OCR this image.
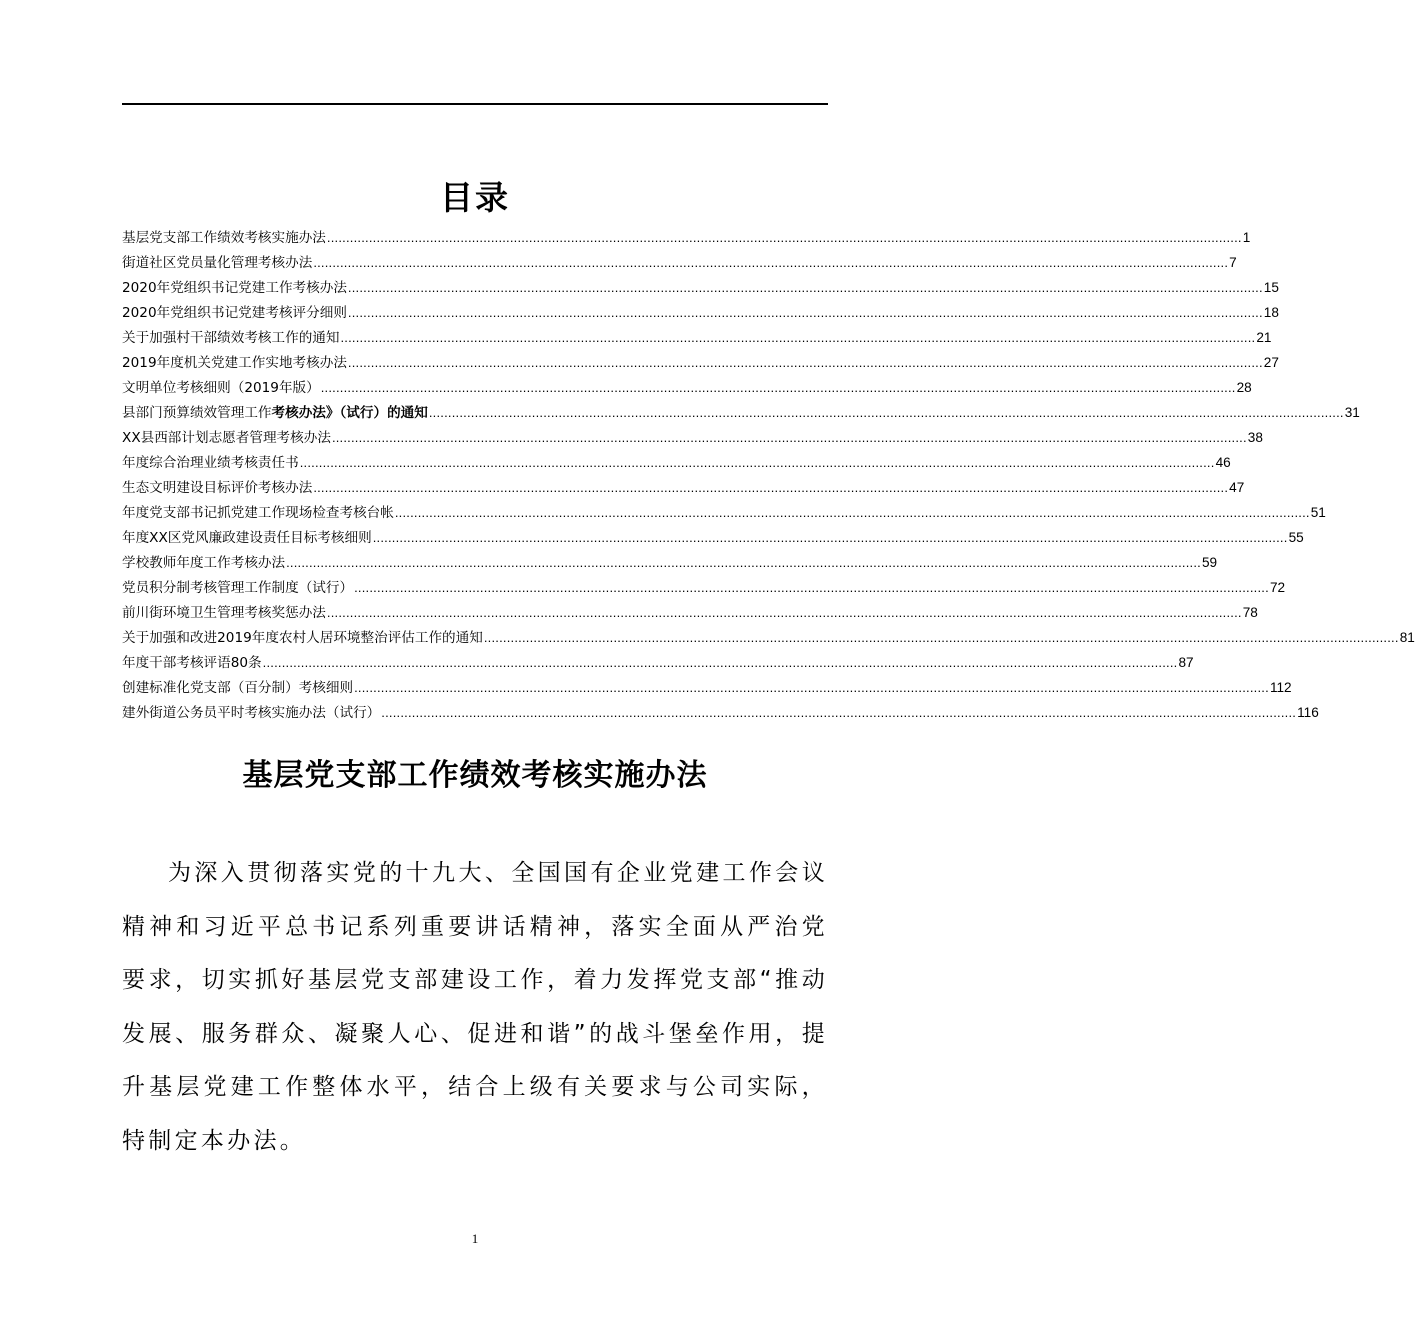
目录
基层党支部工作绩效考核实施办法 ................................................................................................................................................................................................................................................ 1
街道社区党员量化管理考核办法 ................................................................................................................................................................................................................................................ 7
2020年党组织书记党建工作考核办法 ................................................................................................................................................................................................................................................ 15
2020年党组织书记党建考核评分细则 ................................................................................................................................................................................................................................................ 18
关于加强村干部绩效考核工作的通知 ................................................................................................................................................................................................................................................ 21
2019年度机关党建工作实地考核办法 ................................................................................................................................................................................................................................................ 27
文明单位考核细则（2019年版） ................................................................................................................................................................................................................................................ 28
县部门预算绩效管理工作考核办法》（试行）的通知 ................................................................................................................................................................................................................................................ 31
XX县西部计划志愿者管理考核办法 ................................................................................................................................................................................................................................................ 38
年度综合治理业绩考核责任书 ................................................................................................................................................................................................................................................ 46
生态文明建设目标评价考核办法 ................................................................................................................................................................................................................................................ 47
年度党支部书记抓党建工作现场检查考核台帐 ................................................................................................................................................................................................................................................ 51
年度XX区党风廉政建设责任目标考核细则 ................................................................................................................................................................................................................................................ 55
学校教师年度工作考核办法 ................................................................................................................................................................................................................................................ 59
党员积分制考核管理工作制度（试行） ................................................................................................................................................................................................................................................ 72
前川街环境卫生管理考核奖惩办法 ................................................................................................................................................................................................................................................ 78
关于加强和改进2019年度农村人居环境整治评估工作的通知 ................................................................................................................................................................................................................................................ 81
年度干部考核评语80条 ................................................................................................................................................................................................................................................ 87
创建标准化党支部（百分制）考核细则 ................................................................................................................................................................................................................................................ 112
建外街道公务员平时考核实施办法（试行） ................................................................................................................................................................................................................................................ 116
基层党支部工作绩效考核实施办法

为深入贯彻落实党的十九大、全国国有企业党建工作会议精神和习近平总书记系列重要讲话精神，落实全面从严治党要求，切实抓好基层党支部建设工作，着力发挥党支部“推动发展、服务群众、凝聚人心、促进和谐”的战斗堡垒作用，提升基层党建工作整体水平，结合上级有关要求与公司实际，特制定本办法。

1
